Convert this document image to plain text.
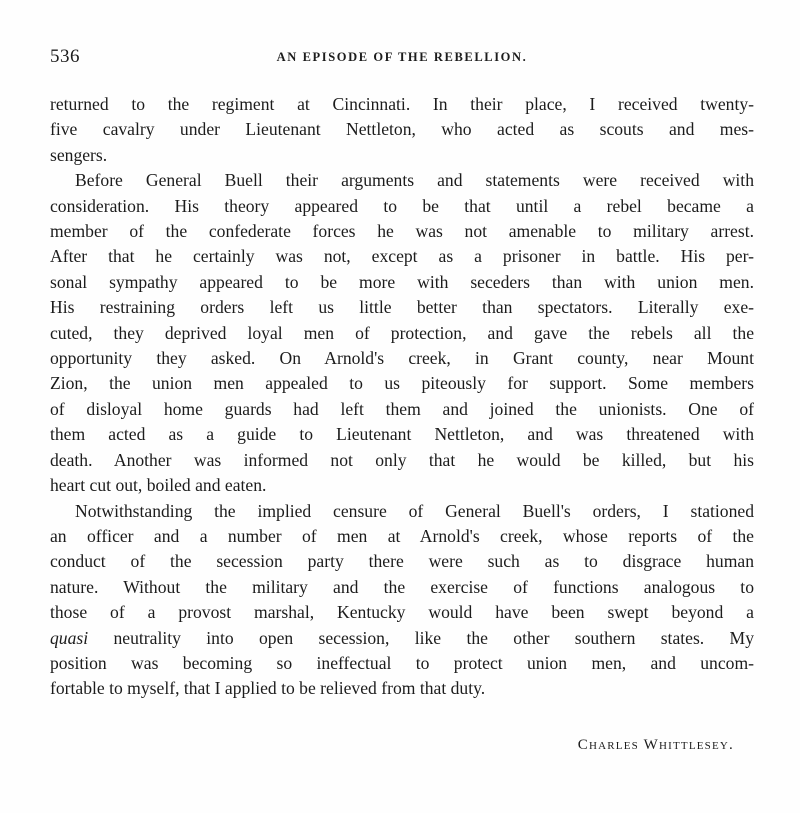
536	AN EPISODE OF THE REBELLION.

returned to the regiment at Cincinnati. In their place, I received twenty-
five cavalry under Lieutenant Nettleton, who acted as scouts and mes-
sengers.

Before General Buell their arguments and statements were received with
consideration. His theory appeared to be that until a rebel became a
member of the confederate forces he was not amenable to military arrest.
After that he certainly was not, except as a prisoner in battle. His per-
sonal sympathy appeared to be more with seceders than with union men.
His restraining orders left us little better than spectators. Literally exe-
cuted, they deprived loyal men of protection, and gave the rebels all the
opportunity they asked. On Arnold's creek, in Grant county, near Mount
Zion, the union men appealed to us piteously for support. Some members
of disloyal home guards had left them and joined the unionists. One of
them acted as a guide to Lieutenant Nettleton, and was threatened with
death. Another was informed not only that he would be killed, but his
heart cut out, boiled and eaten.

Notwithstanding the implied censure of General Buell's orders, I stationed
an officer and a number of men at Arnold's creek, whose reports of the
conduct of the secession party there were such as to disgrace human
nature. Without the military and the exercise of functions analogous to
those of a provost marshal, Kentucky would have been swept beyond a
quasi neutrality into open secession, like the other southern states. My
position was becoming so ineffectual to protect union men, and uncom-
fortable to myself, that I applied to be relieved from that duty.

Charles Whittlesey.
